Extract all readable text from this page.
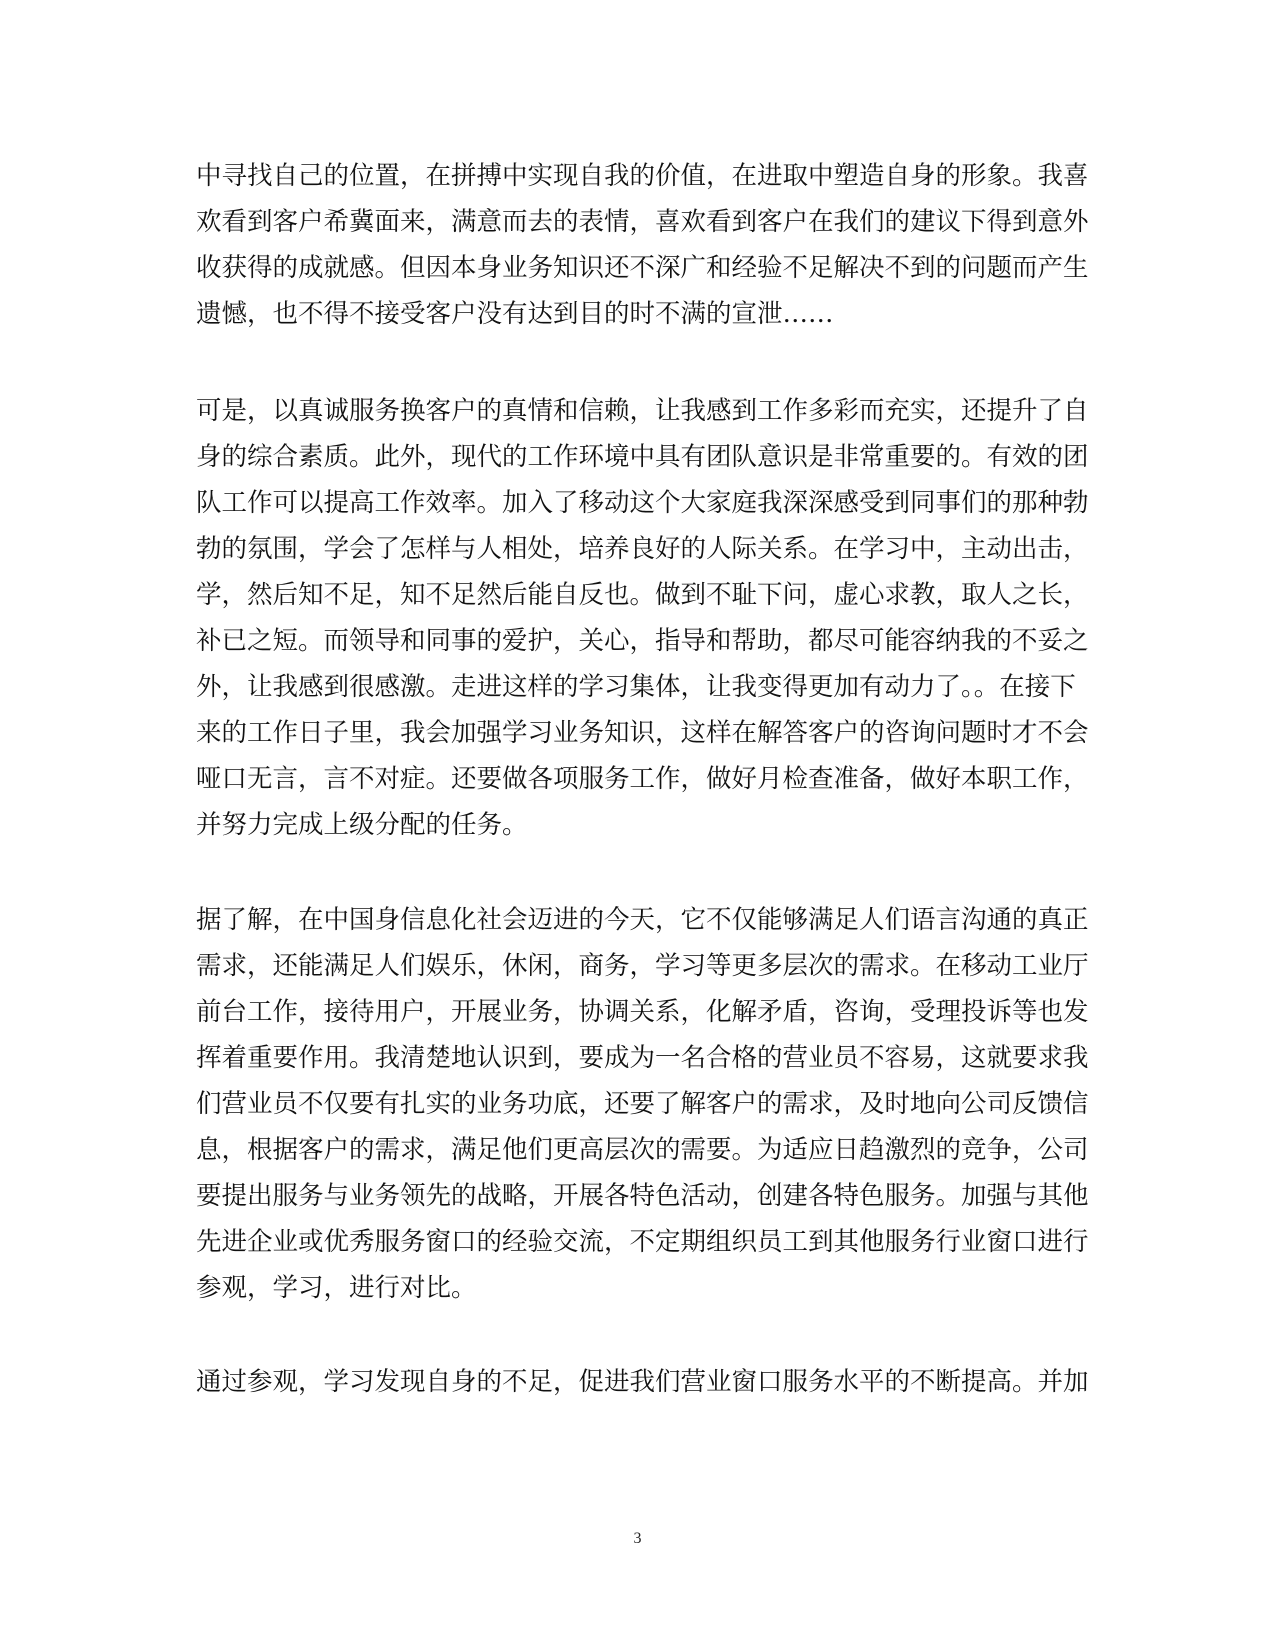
中寻找自己的位置，在拼搏中实现自我的价值，在进取中塑造自身的形象。我喜
欢看到客户希冀面来，满意而去的表情，喜欢看到客户在我们的建议下得到意外
收获得的成就感。但因本身业务知识还不深广和经验不足解决不到的问题而产生
遗憾，也不得不接受客户没有达到目的时不满的宣泄……
可是，以真诚服务换客户的真情和信赖，让我感到工作多彩而充实，还提升了自
身的综合素质。此外，现代的工作环境中具有团队意识是非常重要的。有效的团
队工作可以提高工作效率。加入了移动这个大家庭我深深感受到同事们的那种勃
勃的氛围，学会了怎样与人相处，培养良好的人际关系。在学习中，主动出击，
学，然后知不足，知不足然后能自反也。做到不耻下问，虚心求教，取人之长，
补已之短。而领导和同事的爱护，关心，指导和帮助，都尽可能容纳我的不妥之
外，让我感到很感激。走进这样的学习集体，让我变得更加有动力了。。在接下
来的工作日子里，我会加强学习业务知识，这样在解答客户的咨询问题时才不会
哑口无言，言不对症。还要做各项服务工作，做好月检查准备，做好本职工作，
并努力完成上级分配的任务。
据了解，在中国身信息化社会迈进的今天，它不仅能够满足人们语言沟通的真正
需求，还能满足人们娱乐，休闲，商务，学习等更多层次的需求。在移动工业厅
前台工作，接待用户，开展业务，协调关系，化解矛盾，咨询，受理投诉等也发
挥着重要作用。我清楚地认识到，要成为一名合格的营业员不容易，这就要求我
们营业员不仅要有扎实的业务功底，还要了解客户的需求，及时地向公司反馈信
息，根据客户的需求，满足他们更高层次的需要。为适应日趋激烈的竞争，公司
要提出服务与业务领先的战略，开展各特色活动，创建各特色服务。加强与其他
先进企业或优秀服务窗口的经验交流，不定期组织员工到其他服务行业窗口进行
参观，学习，进行对比。
通过参观，学习发现自身的不足，促进我们营业窗口服务水平的不断提高。并加
3
